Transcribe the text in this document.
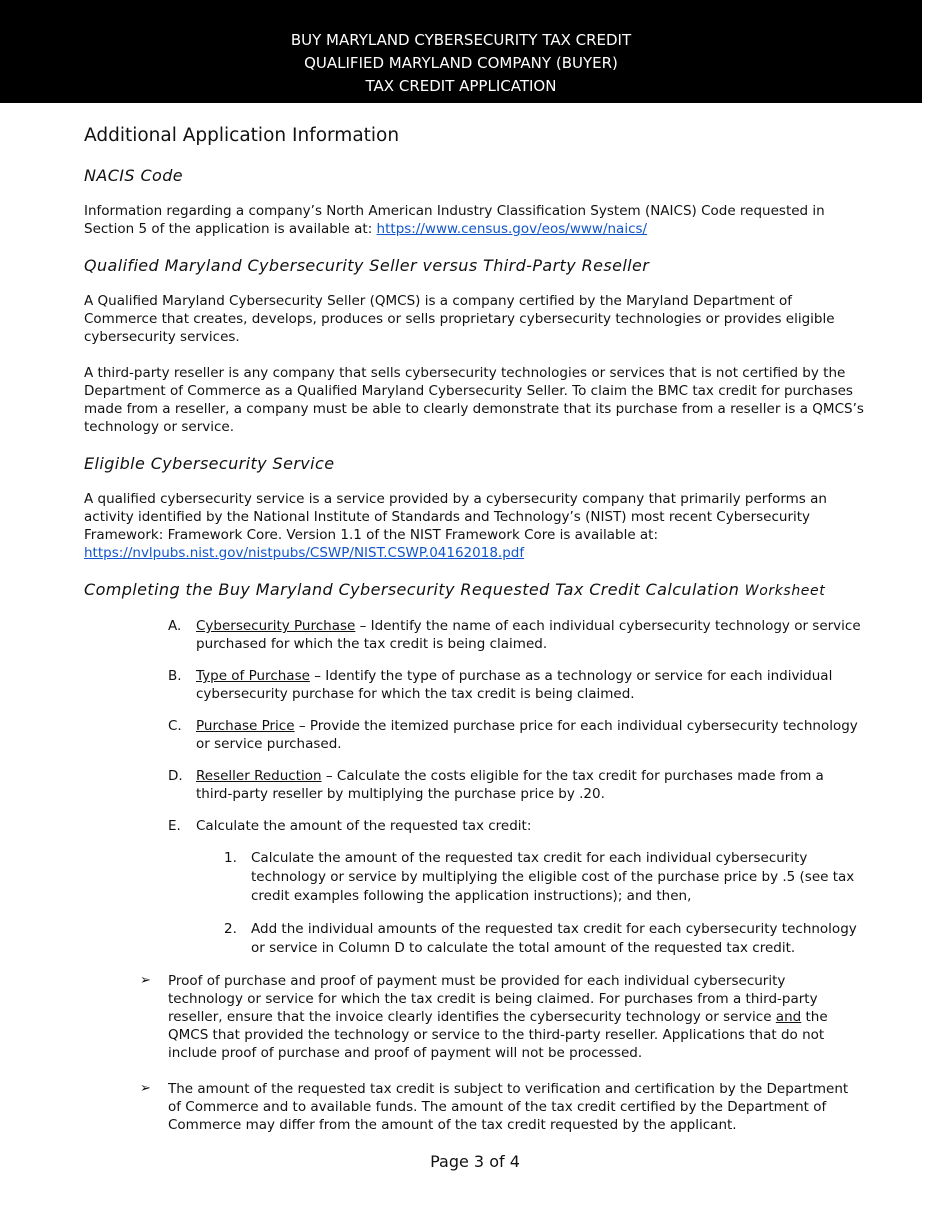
BUY MARYLAND CYBERSECURITY TAX CREDIT
QUALIFIED MARYLAND COMPANY (BUYER)
TAX CREDIT APPLICATION
Additional Application Information
NACIS Code

Information regarding a company’s North American Industry Classification System (NAICS) Code requested in Section 5 of the application is available at: https://www.census.gov/eos/www/naics/

Qualified Maryland Cybersecurity Seller versus Third-Party Reseller

A Qualified Maryland Cybersecurity Seller (QMCS) is a company certified by the Maryland Department of Commerce that creates, develops, produces or sells proprietary cybersecurity technologies or provides eligible cybersecurity services.

A third-party reseller is any company that sells cybersecurity technologies or services that is not certified by the Department of Commerce as a Qualified Maryland Cybersecurity Seller. To claim the BMC tax credit for purchases made from a reseller, a company must be able to clearly demonstrate that its purchase from a reseller is a QMCS’s technology or service.

Eligible Cybersecurity Service

A qualified cybersecurity service is a service provided by a cybersecurity company that primarily performs an activity identified by the National Institute of Standards and Technology’s (NIST) most recent Cybersecurity Framework: Framework Core. Version 1.1 of the NIST Framework Core is available at:
https://nvlpubs.nist.gov/nistpubs/CSWP/NIST.CSWP.04162018.pdf

Completing the Buy Maryland Cybersecurity Requested Tax Credit Calculation Worksheet
A. Cybersecurity Purchase – Identify the name of each individual cybersecurity technology or service purchased for which the tax credit is being claimed.
B. Type of Purchase – Identify the type of purchase as a technology or service for each individual cybersecurity purchase for which the tax credit is being claimed.
C. Purchase Price – Provide the itemized purchase price for each individual cybersecurity technology or service purchased.
D. Reseller Reduction – Calculate the costs eligible for the tax credit for purchases made from a third-party reseller by multiplying the purchase price by .20.
E. Calculate the amount of the requested tax credit:
1. Calculate the amount of the requested tax credit for each individual cybersecurity technology or service by multiplying the eligible cost of the purchase price by .5 (see tax credit examples following the application instructions); and then,
2. Add the individual amounts of the requested tax credit for each cybersecurity technology or service in Column D to calculate the total amount of the requested tax credit.
➢ Proof of purchase and proof of payment must be provided for each individual cybersecurity technology or service for which the tax credit is being claimed. For purchases from a third-party reseller, ensure that the invoice clearly identifies the cybersecurity technology or service and the QMCS that provided the technology or service to the third-party reseller. Applications that do not include proof of purchase and proof of payment will not be processed.
➢ The amount of the requested tax credit is subject to verification and certification by the Department of Commerce and to available funds. The amount of the tax credit certified by the Department of Commerce may differ from the amount of the tax credit requested by the applicant.
Page 3 of 4
